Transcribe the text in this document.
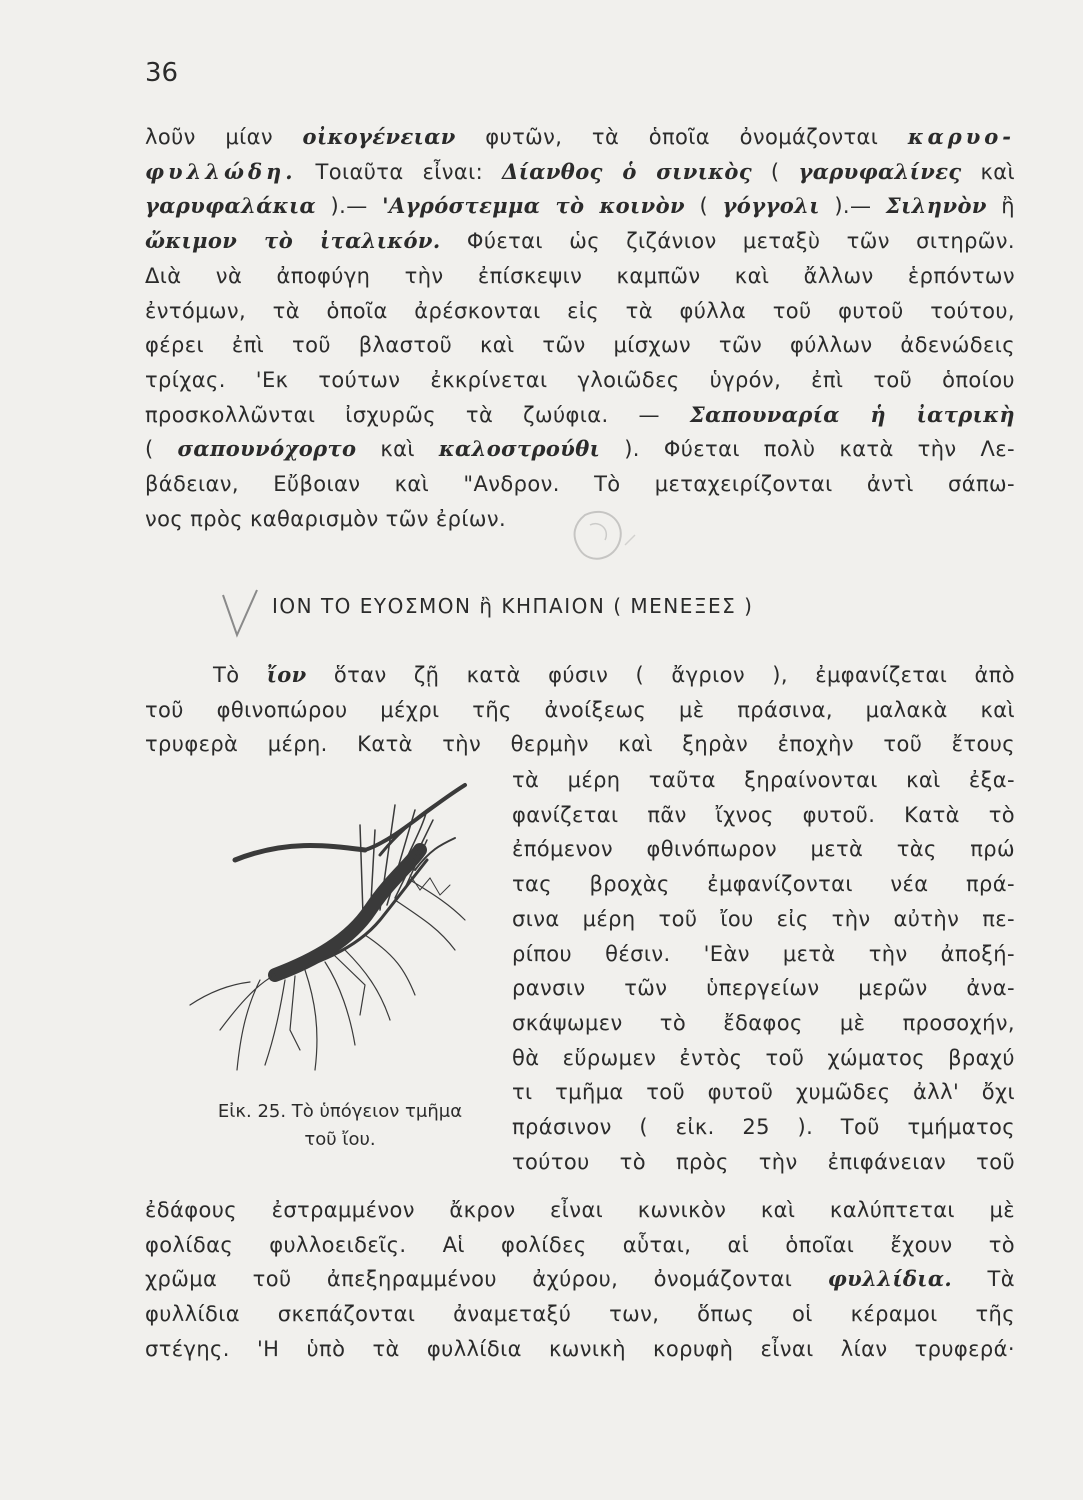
36
λοῦν μίαν οἰκογένειαν φυτῶν, τὰ ὁποῖα ὀνομάζονται καρυο-
φυλλώδη. Τοιαῦτα εἶναι: Δίανθος ὁ σινικὸς ( γαρυφαλίνες καὶ
γαρυφαλάκια ).— 'Αγρόστεμμα τὸ κοινὸν ( γόγγολι ).— Σιληνὸν ἢ
ὤκιμον τὸ ἰταλικόν. Φύεται ὡς ζιζάνιον μεταξὺ τῶν σιτηρῶν.
Διὰ νὰ ἀποφύγη τὴν ἐπίσκεψιν καμπῶν καὶ ἄλλων ἑρπόντων
ἐντόμων, τὰ ὁποῖα ἀρέσκονται εἰς τὰ φύλλα τοῦ φυτοῦ τούτου,
φέρει ἐπὶ τοῦ βλαστοῦ καὶ τῶν μίσχων τῶν φύλλων ἀδενώδεις
τρίχας. 'Εκ τούτων ἐκκρίνεται γλοιῶδες ὑγρόν, ἐπὶ τοῦ ὁποίου
προσκολλῶνται ἰσχυρῶς τὰ ζωύφια. — Σαπουναρία ἡ ἰατρικὴ
( σαπουνόχορτο καὶ καλοστρούθι ). Φύεται πολὺ κατὰ τὴν Λε-
βάδειαν, Εὔβοιαν καὶ "Ανδρον. Τὸ μεταχειρίζονται ἀντὶ σάπω-
νος πρὸς καθαρισμὸν τῶν ἐρίων.
ΙΟΝ ΤΟ ΕΥΟΣΜΟΝ ἢ ΚΗΠΑΙΟΝ ( ΜΕΝΕΞΕΣ )
Τὸ ἴον ὅταν ζῇ κατὰ φύσιν ( ἄγριον ), ἐμφανίζεται ἀπὸ
τοῦ φθινοπώρου μέχρι τῆς ἀνοίξεως μὲ πράσινα, μαλακὰ καὶ
τρυφερὰ μέρη. Κατὰ τὴν θερμὴν καὶ ξηρὰν ἐποχὴν τοῦ ἔτους
τὰ μέρη ταῦτα ξηραίνονται καὶ ἐξα-
φανίζεται πᾶν ἴχνος φυτοῦ. Κατὰ τὸ
ἐπόμενον φθινόπωρον μετὰ τὰς πρώ
τας βροχὰς ἐμφανίζονται νέα πρά-
σινα μέρη τοῦ ἴου εἰς τὴν αὐτὴν πε-
ρίπου θέσιν. 'Εὰν μετὰ τὴν ἀποξή-
ρανσιν τῶν ὑπεργείων μερῶν ἀνα-
σκάψωμεν τὸ ἔδαφος μὲ προσοχήν,
θὰ εὕρωμεν ἐντὸς τοῦ χώματος βραχύ
τι τμῆμα τοῦ φυτοῦ χυμῶδες ἀλλ' ὄχι
πράσινον ( εἰκ. 25 ). Τοῦ τμήματος
τούτου τὸ πρὸς τὴν ἐπιφάνειαν τοῦ
Εἰκ. 25. Τὸ ὑπόγειον τμῆμα
τοῦ ἴου.
ἐδάφους ἐστραμμένον ἄκρον εἶναι κωνικὸν καὶ καλύπτεται μὲ
φολίδας φυλλοειδεῖς. Αἱ φολίδες αὗται, αἱ ὁποῖαι ἔχουν τὸ
χρῶμα τοῦ ἀπεξηραμμένου ἀχύρου, ὀνομάζονται φυλλίδια. Τὰ
φυλλίδια σκεπάζονται ἀναμεταξύ των, ὅπως οἱ κέραμοι τῆς
στέγης. 'Η ὑπὸ τὰ φυλλίδια κωνικὴ κορυφὴ εἶναι λίαν τρυφερά·
